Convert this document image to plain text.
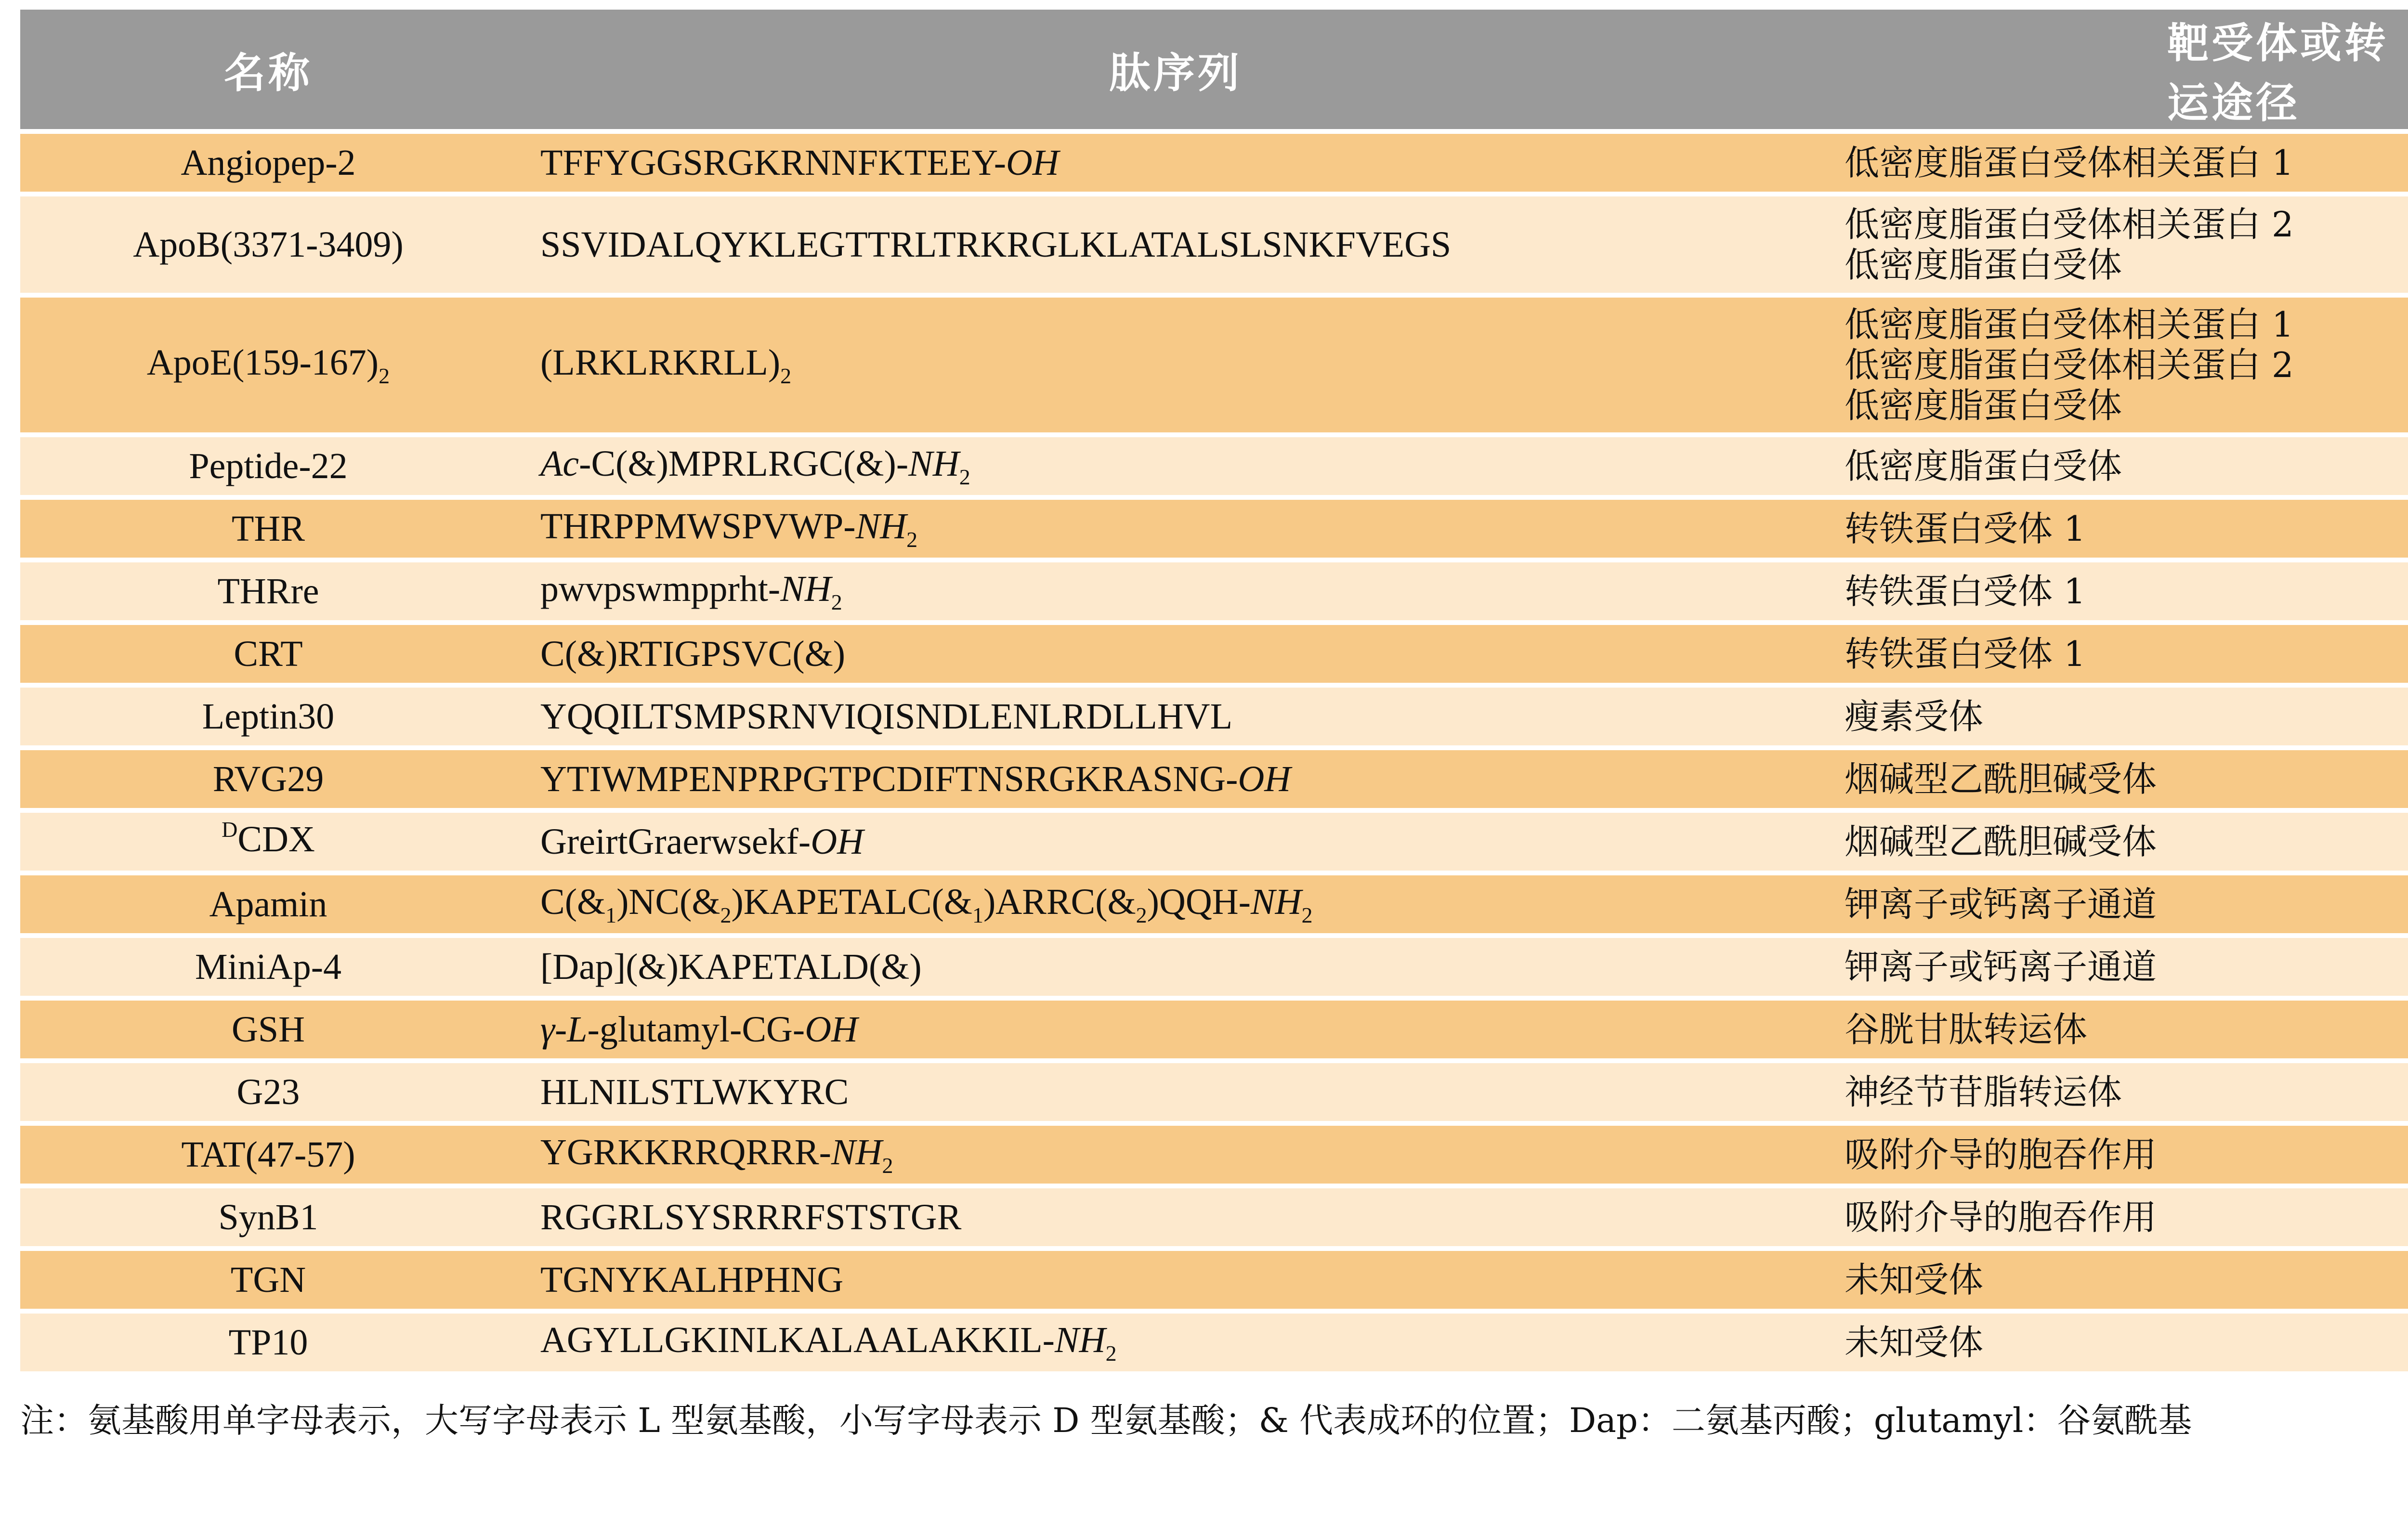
名称	肽序列	靶受体或转运途径
Angiopep-2	TFFYGGSRGKRNNFKTEEY-OH	低密度脂蛋白受体相关蛋白 1

ApoB(3371-3409)	SSVIDALQYKLEGTTRLTRKRGLKLATALSLSNKFVEGS	低密度脂蛋白受体相关蛋白 2
低密度脂蛋白受体

$ApoE(159-167)_2$	$(LRKLRKRLL)_2$	低密度脂蛋白受体相关蛋白 1
低密度脂蛋白受体相关蛋白 2
低密度脂蛋白受体

Peptide-22	$Ac-C(\&)MPRLRGC(\&)-NH_2$	低密度脂蛋白受体

THR	THRPPMWSPVWP-$NH_2$	转铁蛋白受体 1

THRre	pwvpswmpprht-$NH_2$	转铁蛋白受体 1

CRT	C(&)RTIGPSVC(&)	转铁蛋白受体 1

Leptin30	YQQILTSMPSRNVIQISNDLENLRDLLHVL	瘦素受体

RVG29	YTIWMPENPRPGTPCDIFTNSRGKRASNG-OH	烟碱型乙酰胆碱受体

$^D$CDX	GreirtGraerwsekf-OH	烟碱型乙酰胆碱受体

Apamin	$C(\&_1)NC(\&_2)KAPETALC(\&_1)ARRC(\&_2)QQH-NH_2$	钾离子或钙离子通道

MiniAp-4	[Dap](&)KAPETALD(&)	钾离子或钙离子通道

GSH	γ-L-glutamyl-CG-OH	谷胱甘肽转运体

G23	HLNILSTLWKYRC	神经节苷脂转运体

TAT(47-57)	YGRKKRRQRRR-$NH_2$	吸附介导的胞吞作用

SynB1	RGGRLSYSRRRFSTSTGR	吸附介导的胞吞作用

TGN	TGNYKALHPHNG	未知受体

TP10	AGYLLGKINLKALAALAKKIL-$NH_2$	未知受体
注：氨基酸用单字母表示，大写字母表示 L 型氨基酸，小写字母表示 D 型氨基酸；& 代表成环的位置；Dap：二氨基丙酸；glutamyl：谷氨酰基
